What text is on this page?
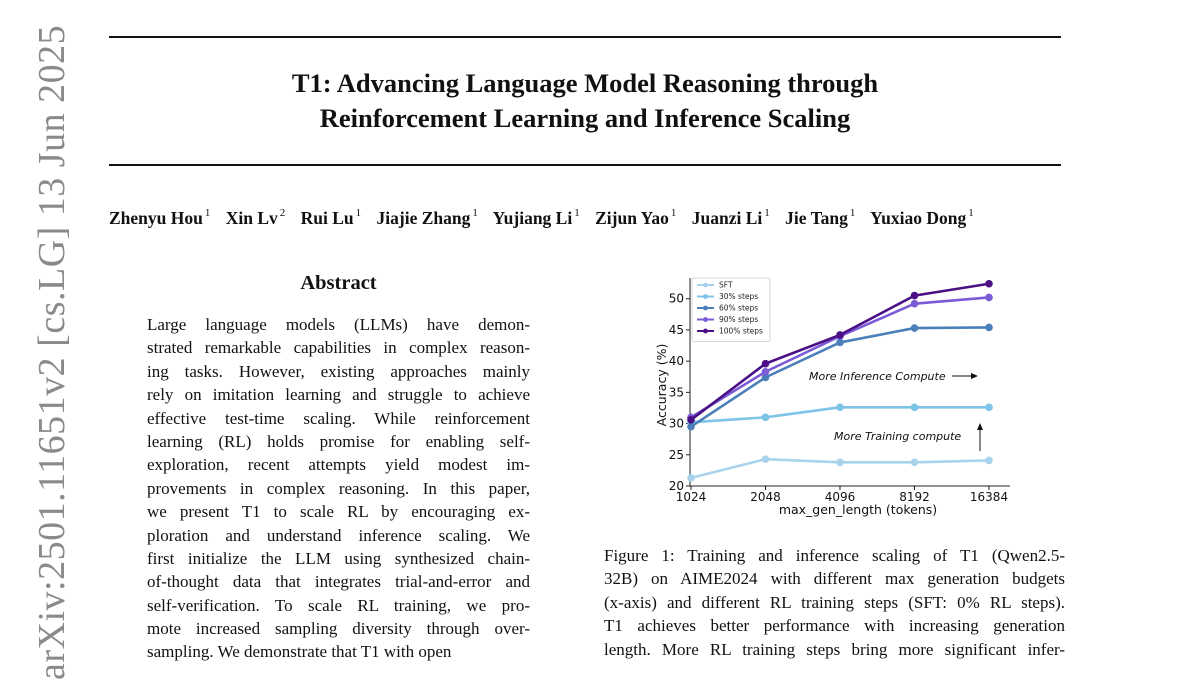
T1: Advancing Language Model Reasoning through
Reinforcement Learning and Inference Scaling
Zhenyu Hou $^1$ Xin Lv $^2$ Rui Lu $^1$ Jiajie Zhang $^1$ Yujiang Li $^1$ Zijun Yao $^1$ Juanzi Li $^1$ Jie Tang $^1$ Yuxiao Dong $^1$
arXiv:2501.11651v2 [cs.LG] 13 Jun 2025	Abstract
Large language models (LLMs) have demon-
strated remarkable capabilities in complex reason-
ing tasks. However, existing approaches mainly
rely on imitation learning and struggle to achieve
effective test-time scaling. While reinforcement
learning (RL) holds promise for enabling self-
exploration, recent attempts yield modest im-
provements in complex reasoning. In this paper,
we present T1 to scale RL by encouraging ex-
ploration and understand inference scaling. We
first initialize the LLM using synthesized chain-
of-thought data that integrates trial-and-error and
self-verification. To scale RL training, we pro-
mote increased sampling diversity through over-
sampling. We demonstrate that T1 with open
20
25
30
35
40
45
50
1024	2048	4096	8192	16384
max_gen_length (tokens)
Accuracy (%)
SFT
30% steps
60% steps
90% steps
100% steps
More Inference Compute
More Training compute
Figure 1: Training and inference scaling of T1 (Qwen2.5-
32B) on AIME2024 with different max generation budgets
(x-axis) and different RL training steps (SFT: 0% RL steps).
T1 achieves better performance with increasing generation
length. More RL training steps bring more significant infer-
